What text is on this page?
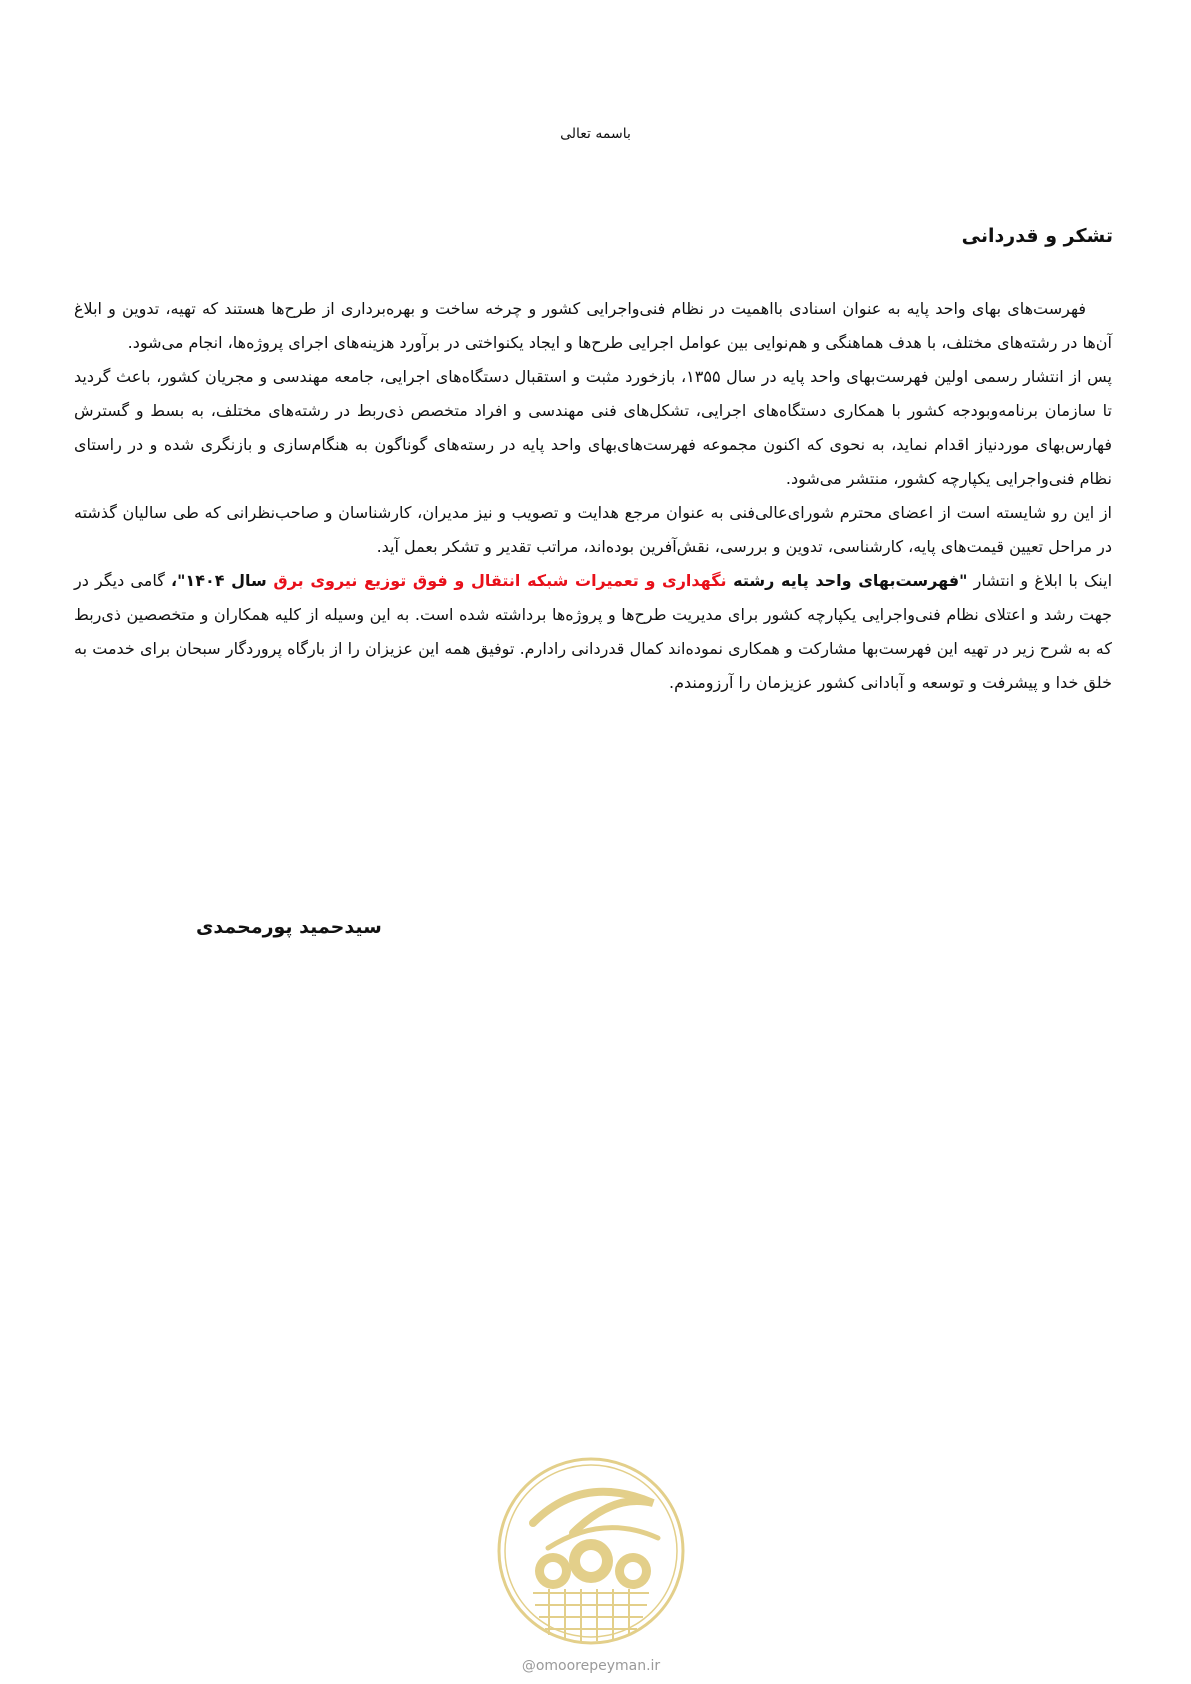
باسمه تعالی
تشکر و قدردانی

فهرست‌های بهای واحد پایه به عنوان اسنادی بااهمیت در نظام فنی‌واجرایی کشور و چرخه ساخت و بهره‌برداری از طرح‌ها هستند که تهیه، تدوین و ابلاغ آن‌ها در رشته‌های مختلف، با هدف هماهنگی و هم‌نوایی بین عوامل اجرایی طرح‌ها و ایجاد یکنواختی در برآورد هزینه‌های اجرای پروژه‌ها، انجام می‌شود.

پس از انتشار رسمی اولین فهرست‌بهای واحد پایه در سال ۱۳۵۵، بازخورد مثبت و استقبال دستگاه‌های اجرایی، جامعه مهندسی و مجریان کشور، باعث گردید تا سازمان برنامه‌وبودجه کشور با همکاری دستگاه‌های اجرایی، تشکل‌های فنی مهندسی و افراد متخصص ذی‌ربط در رشته‌های مختلف، به بسط و گسترش فهارس‌بهای موردنیاز اقدام نماید، به نحوی که اکنون مجموعه فهرست‌های‌بهای واحد پایه در رسته‌های گوناگون به هنگام‌سازی و بازنگری شده و در راستای نظام فنی‌واجرایی یکپارچه کشور، منتشر می‌شود.

از این رو شایسته است از اعضای محترم شورای‌عالی‌فنی به عنوان مرجع هدایت و تصویب و نیز مدیران، کارشناسان و صاحب‌نظرانی که طی سالیان گذشته در مراحل تعیین قیمت‌های پایه، کارشناسی، تدوین و بررسی، نقش‌آفرین بوده‌اند، مراتب تقدیر و تشکر بعمل آید.

اینک با ابلاغ و انتشار "فهرست‌بهای واحد پایه رشته نگهداری و تعمیرات شبکه انتقال و فوق توزیع نیروی برق سال ۱۴۰۴"، گامی دیگر در جهت رشد و اعتلای نظام فنی‌واجرایی یکپارچه کشور برای مدیریت طرح‌ها و پروژه‌ها برداشته شده است. به این وسیله از کلیه همکاران و متخصصین ذی‌ربط که به شرح زیر در تهیه این فهرست‌بها مشارکت و همکاری نموده‌اند کمال قدردانی رادارم. توفیق همه این عزیزان را از بارگاه پروردگار سبحان برای خدمت به خلق خدا و پیشرفت و توسعه و آبادانی کشور عزیزمان را آرزومندم.

سیدحمید پورمحمدی
@omoorepeyman.ir
